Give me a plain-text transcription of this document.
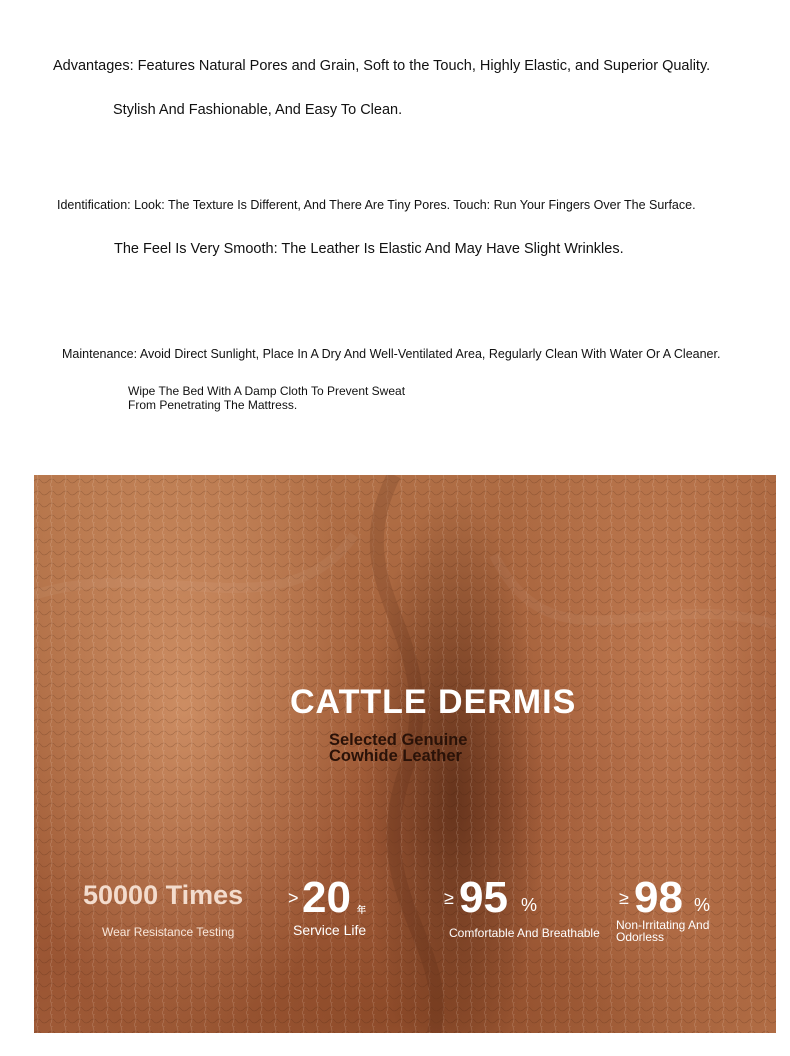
Advantages: Features Natural Pores and Grain, Soft to the Touch, Highly Elastic, and Superior Quality.

Stylish And Fashionable, And Easy To Clean.

Identification: Look: The Texture Is Different, And There Are Tiny Pores. Touch: Run Your Fingers Over The Surface.

The Feel Is Very Smooth: The Leather Is Elastic And May Have Slight Wrinkles.

Maintenance: Avoid Direct Sunlight, Place In A Dry And Well-Ventilated Area, Regularly Clean With Water Or A Cleaner.

Wipe The Bed With A Damp Cloth To Prevent Sweat From Penetrating The Mattress.

CATTLE DERMIS
Selected Genuine
Cowhide Leather
50000 Times
Wear Resistance Testing
> 20 年
Service Life
≥ 95 %
Comfortable And Breathable
≥ 98 %
Non-Irritating And Odorless
